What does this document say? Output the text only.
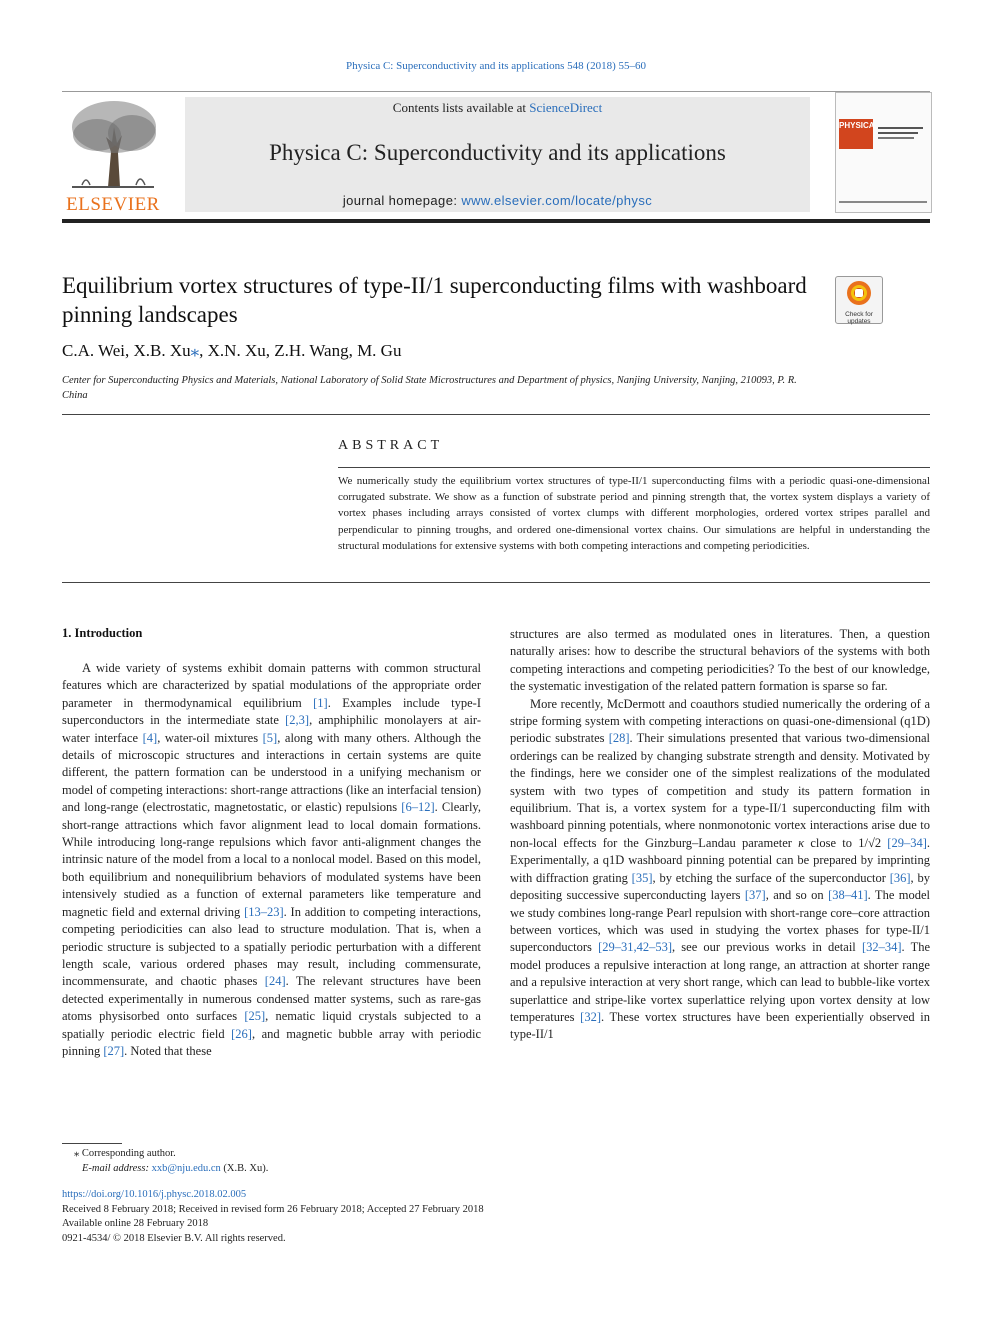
Physica C: Superconductivity and its applications 548 (2018) 55–60
ELSEVIER
Contents lists available at ScienceDirect
Physica C: Superconductivity and its applications
journal homepage: www.elsevier.com/locate/physc
PHYSICA
Equilibrium vortex structures of type-II/1 superconducting films with washboard pinning landscapes	Check for updates
C.A. Wei, X.B. Xu⁎, X.N. Xu, Z.H. Wang, M. Gu
Center for Superconducting Physics and Materials, National Laboratory of Solid State Microstructures and Department of physics, Nanjing University, Nanjing, 210093, P. R. China
ABSTRACT
We numerically study the equilibrium vortex structures of type-II/1 superconducting films with a periodic quasi-one-dimensional corrugated substrate. We show as a function of substrate period and pinning strength that, the vortex system displays a variety of vortex phases including arrays consisted of vortex clumps with different morphologies, ordered vortex stripes parallel and perpendicular to pinning troughs, and ordered one-dimensional vortex chains. Our simulations are helpful in understanding the structural modulations for extensive systems with both competing interactions and competing periodicities.
1. Introduction

A wide variety of systems exhibit domain patterns with common structural features which are characterized by spatial modulations of the appropriate order parameter in thermodynamical equilibrium [1]. Examples include type-I superconductors in the intermediate state [2,3], amphiphilic monolayers at air-water interface [4], water-oil mixtures [5], along with many others. Although the details of microscopic structures and interactions in certain systems are quite different, the pattern formation can be understood in a unifying mechanism or model of competing interactions: short-range attractions (like an interfacial tension) and long-range (electrostatic, magnetostatic, or elastic) repulsions [6–12]. Clearly, short-range attractions which favor alignment lead to local domain formations. While introducing long-range repulsions which favor anti-alignment changes the intrinsic nature of the model from a local to a nonlocal model. Based on this model, both equilibrium and nonequilibrium behaviors of modulated systems have been intensively studied as a function of external parameters like temperature and magnetic field and external driving [13–23]. In addition to competing interactions, competing periodicities can also lead to structure modulation. That is, when a periodic structure is subjected to a spatially periodic perturbation with a different length scale, various ordered phases may result, including commensurate, incommensurate, and chaotic phases [24]. The relevant structures have been detected experimentally in numerous condensed matter systems, such as rare-gas atoms physisorbed onto surfaces [25], nematic liquid crystals subjected to a spatially periodic electric field [26], and magnetic bubble array with periodic pinning [27]. Noted that these

structures are also termed as modulated ones in literatures. Then, a question naturally arises: how to describe the structural behaviors of the systems with both competing interactions and competing periodicities? To the best of our knowledge, the systematic investigation of the related pattern formation is sparse so far.

More recently, McDermott and coauthors studied numerically the ordering of a stripe forming system with competing interactions on quasi-one-dimensional (q1D) periodic substrates [28]. Their simulations presented that various two-dimensional orderings can be realized by changing substrate strength and density. Motivated by the findings, here we consider one of the simplest realizations of the modulated system with two types of competition and study its pattern formation in equilibrium. That is, a vortex system for a type-II/1 superconducting film with washboard pinning potentials, where nonmonotonic vortex interactions arise due to non-local effects for the Ginzburg–Landau parameter κ close to 1/√2 [29–34]. Experimentally, a q1D washboard pinning potential can be prepared by imprinting with diffraction grating [35], by etching the surface of the superconductor [36], by depositing successive superconducting layers [37], and so on [38–41]. The model we study combines long-range Pearl repulsion with short-range core–core attraction between vortices, which was used in studying the vortex phases for type-II/1 superconductors [29–31,42–53], see our previous works in detail [32–34]. The model produces a repulsive interaction at long range, an attraction at shorter range and a repulsive interaction at very short range, which can lead to bubble-like vortex superlattice and stripe-like vortex superlattice relying upon vortex density at low temperatures [32]. These vortex structures have been experientially observed in type-II/1

⁎ Corresponding author.
E-mail address: xxb@nju.edu.cn (X.B. Xu).
https://doi.org/10.1016/j.physc.2018.02.005
Received 8 February 2018; Received in revised form 26 February 2018; Accepted 27 February 2018
Available online 28 February 2018
0921-4534/ © 2018 Elsevier B.V. All rights reserved.
